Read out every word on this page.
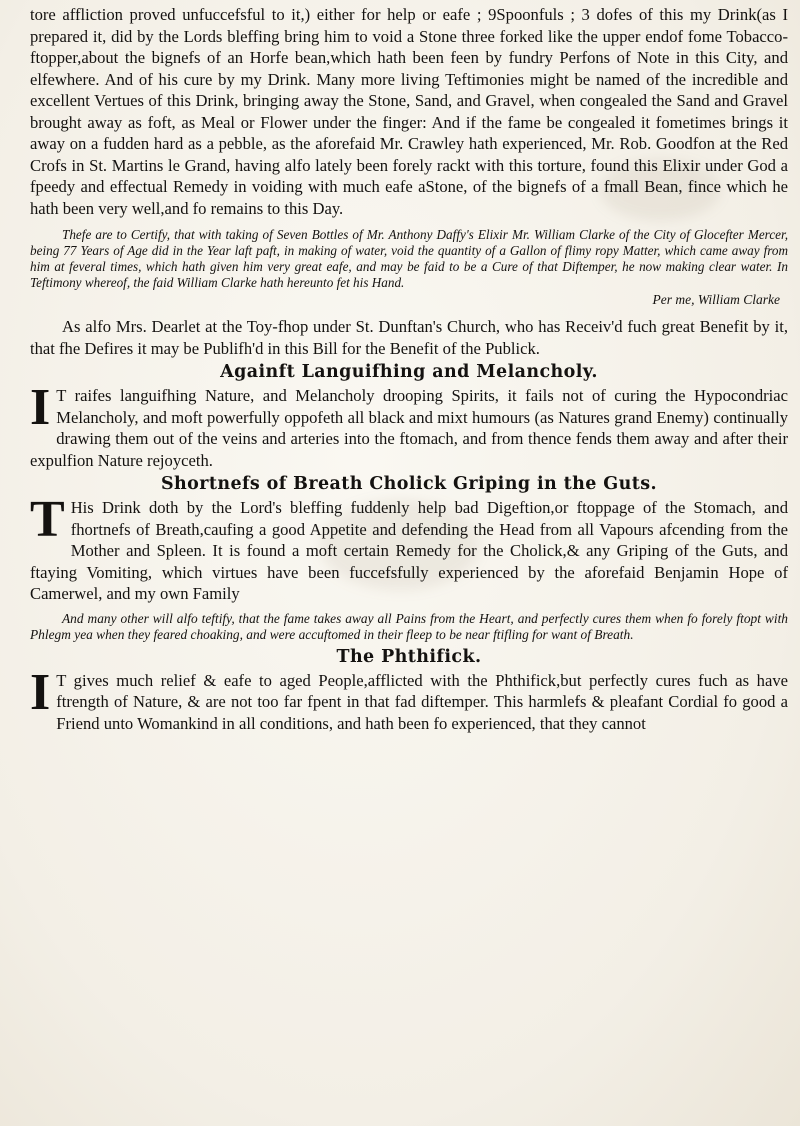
tore affliction proved unfuccefsful to it,) either for help or eafe ; 9Spoonfuls ; 3 dofes of this my Drink(as I prepared it, did by the Lords bleffing bring him to void a Stone three forked like the upper endof fome Tobacco-ftopper,about the bignefs of an Horfe bean,which hath been feen by fundry Perfons of Note in this City, and elfewhere. And of his cure by my Drink. Many more living Teftimonies might be named of the incredible and excellent Vertues of this Drink, bringing away the Stone, Sand, and Gravel, when congealed the Sand and Gravel brought away as foft, as Meal or Flower under the finger: And if the fame be congealed it fometimes brings it away on a fudden hard as a pebble, as the aforefaid Mr. Crawley hath experienced, Mr. Rob. Goodfon at the Red Crofs in St. Martins le Grand, having alfo lately been forely rackt with this torture, found this Elixir under God a fpeedy and effectual Remedy in voiding with much eafe aStone, of the bignefs of a fmall Bean, fince which he hath been very well,and fo remains to this Day.

Thefe are to Certify, that with taking of Seven Bottles of Mr. Anthony Daffy's Elixir Mr. William Clarke of the City of Glocefter Mercer, being 77 Years of Age did in the Year laft paft, in making of water, void the quantity of a Gallon of flimy ropy Matter, which came away from him at feveral times, which hath given him very great eafe, and may be faid to be a Cure of that Diftemper, he now making clear water. In Teftimony whereof, the faid William Clarke hath hereunto fet his Hand.

Per me, William Clarke

As alfo Mrs. Dearlet at the Toy-fhop under St. Dunftan's Church, who has Receiv'd fuch great Benefit by it, that fhe Defires it may be Publifh'd in this Bill for the Benefit of the Publick.

Againft Languifhing and Melancholy.

I T raifes languifhing Nature, and Melancholy drooping Spirits, it fails not of curing the Hypocondriac Melancholy, and moft powerfully oppofeth all black and mixt humours (as Natures grand Enemy) continually drawing them out of the veins and arteries into the ftomach, and from thence fends them away and after their expulfion Nature rejoyceth.

Shortnefs of Breath Cholick Griping in the Guts.

T His Drink doth by the Lord's bleffing fuddenly help bad Digeftion,or ftoppage of the Stomach, and fhortnefs of Breath,caufing a good Appetite and defending the Head from all Vapours afcending from the Mother and Spleen. It is found a moft certain Remedy for the Cholick,& any Griping of the Guts, and ftaying Vomiting, which virtues have been fuccefsfully experienced by the aforefaid Benjamin Hope of Camerwel, and my own Family

And many other will alfo teftify, that the fame takes away all Pains from the Heart, and perfectly cures them when fo forely ftopt with Phlegm yea when they feared choaking, and were accuftomed in their fleep to be near ftifling for want of Breath.

The Phthifick.

I T gives much relief & eafe to aged People,afflicted with the Phthifick,but perfectly cures fuch as have ftrength of Nature, & are not too far fpent in that fad diftemper. This harmlefs & pleafant Cordial fo good a Friend unto Womankind in all conditions, and hath been fo experienced, that they cannot
